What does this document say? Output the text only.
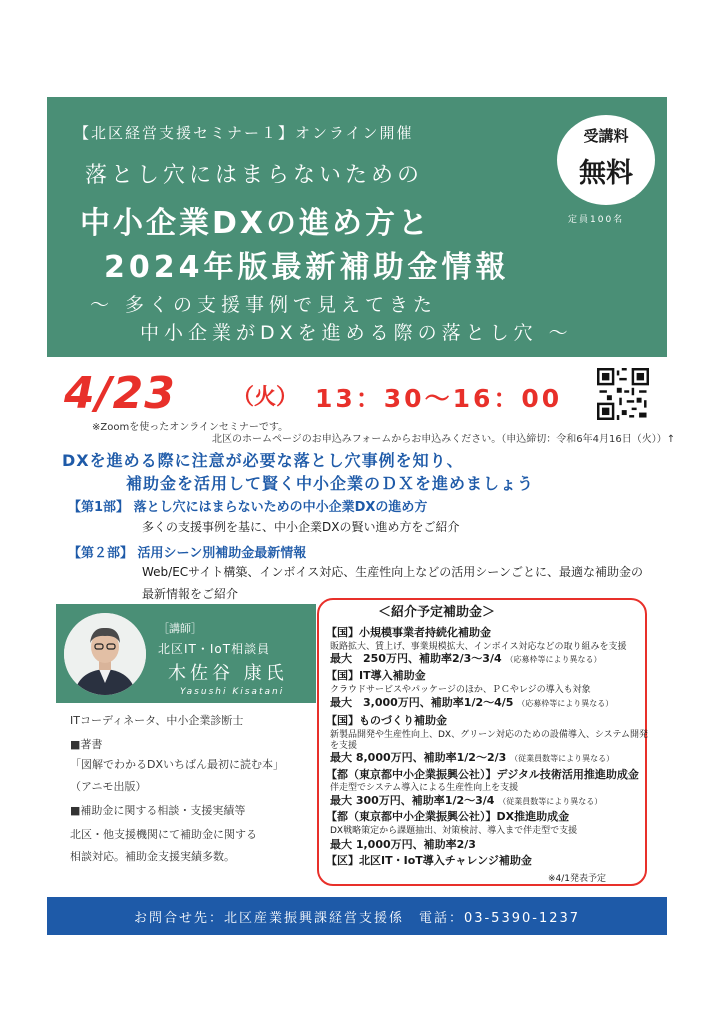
【北区経営支援セミナー１】オンライン開催
落とし穴にはまらないための
中小企業DXの進め方と
2024年版最新補助金情報
〜 多くの支援事例で見えてきた
中小企業がDXを進める際の落とし穴 〜
受講料
無料
定員100名
4/23	（火） 13：30〜16：00
※Zoomを使ったオンラインセミナーです。
北区のホームページのお申込みフォームからお申込みください。（申込締切：令和6年4月16日（火））↑
DXを進める際に注意が必要な落とし穴事例を知り、
補助金を活用して賢く中小企業のＤＸを進めましょう
【第1部】 落とし穴にはまらないための中小企業DXの進め方
多くの支援事例を基に、中小企業DXの賢い進め方をご紹介
【第２部】 活用シーン別補助金最新情報
Web/ECサイト構築、インボイス対応、生産性向上などの活用シーンごとに、最適な補助金の
最新情報をご紹介
［講師］
北区IT・IoT相談員
木佐谷 康氏
Yasushi Kisatani
ITコーディネータ、中小企業診断士
■著書
「図解でわかるDXいちばん最初に読む本」
（アニモ出版）
■補助金に関する相談・支援実績等
北区・他支援機関にて補助金に関する
相談対応。補助金支援実績多数。
＜紹介予定補助金＞
【国】小規模事業者持続化補助金
販路拡大、賃上げ、事業規模拡大、インボイス対応などの取り組みを支援
最大　250万円、補助率2/3〜3/4 （応募枠等により異なる）
【国】IT導入補助金
クラウドサービスやパッケージのほか、ＰＣやレジの導入も対象
最大　3,000万円、補助率1/2〜4/5 （応募枠等により異なる）
【国】ものづくり補助金
新製品開発や生産性向上、DX、グリーン対応のための設備導入、システム開発
を支援
最大 8,000万円、補助率1/2〜2/3 （従業員数等により異なる）
【都（東京都中小企業振興公社）】デジタル技術活用推進助成金
伴走型でシステム導入による生産性向上を支援
最大 300万円、補助率1/2〜3/4 （従業員数等により異なる）
【都（東京都中小企業振興公社）】DX推進助成金
DX戦略策定から課題抽出、対策検討、導入まで伴走型で支援
最大 1,000万円、補助率2/3
【区】北区IT・IoT導入チャレンジ補助金
※4/1発表予定
お問合せ先：北区産業振興課経営支援係　電話：03-5390-1237
